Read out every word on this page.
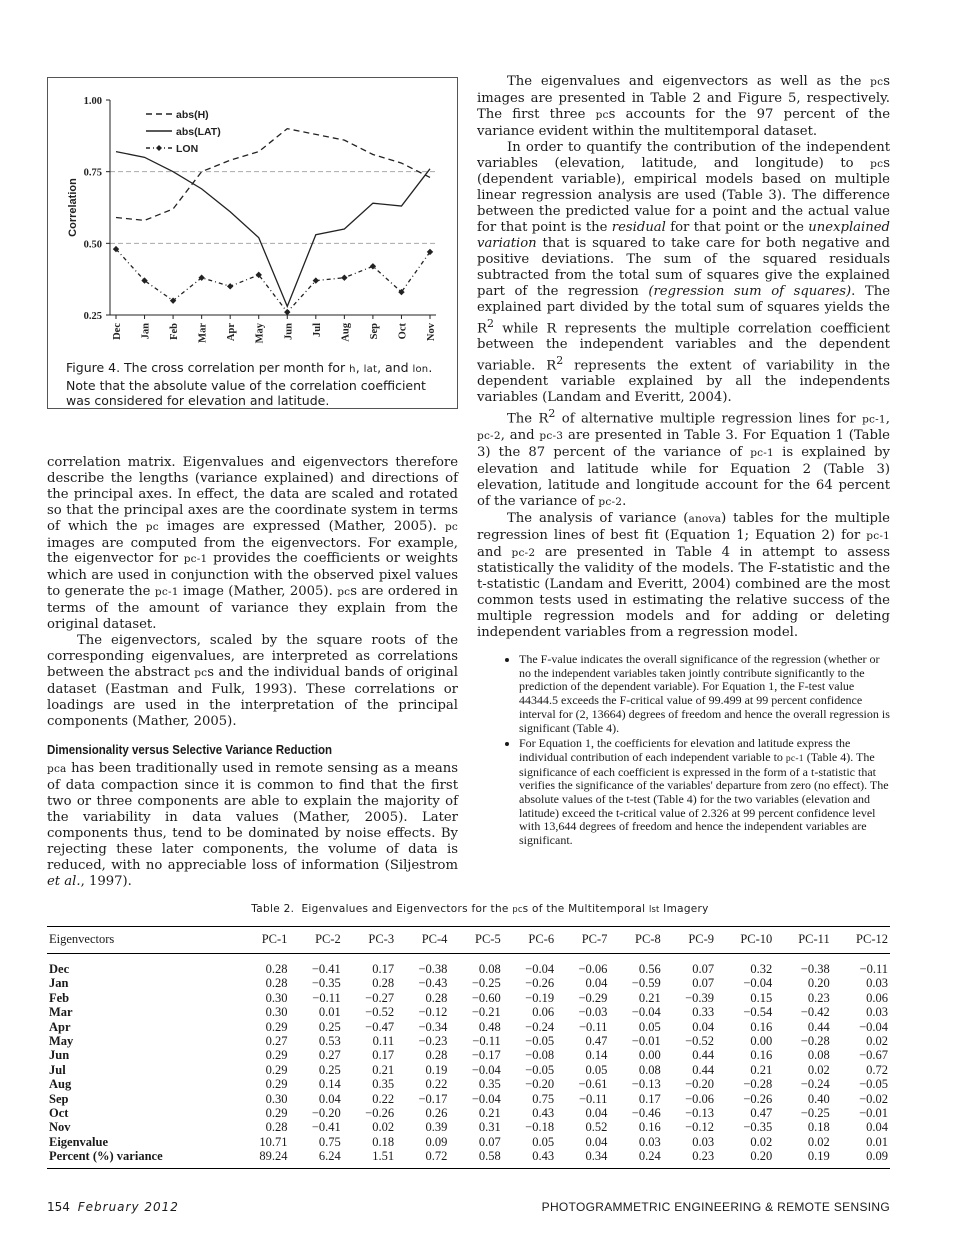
0.25
0.50
0.75
1.00
Correlation
Dec Jan Feb Mar Apr May Jun Jul Aug Sep Oct Nov
abs(H)
abs(LAT)
LON
Figure 4. The cross correlation per month for h, lat, and lon. Note that the absolute value of the correlation coefficient was considered for elevation and latitude.

correlation matrix. Eigenvalues and eigenvectors therefore describe the lengths (variance explained) and directions of the principal axes. In effect, the data are scaled and rotated so that the principal axes are the coordinate system in terms of which the pc images are expressed (Mather, 2005). pc images are computed from the eigenvectors. For example, the eigenvector for pc-1 provides the coefficients or weights which are used in conjunction with the observed pixel values to generate the pc-1 image (Mather, 2005). pcs are ordered in terms of the amount of variance they explain from the original dataset.

The eigenvectors, scaled by the square roots of the corresponding eigenvalues, are interpreted as correlations between the abstract pcs and the individual bands of original dataset (Eastman and Fulk, 1993). These correlations or loadings are used in the interpretation of the principal components (Mather, 2005).

Dimensionality versus Selective Variance Reduction

pca has been traditionally used in remote sensing as a means of data compaction since it is common to find that the first two or three components are able to explain the majority of the variability in data values (Mather, 2005). Later components thus, tend to be dominated by noise effects. By rejecting these later components, the volume of data is reduced, with no appreciable loss of information (Siljestrom et al., 1997).

The eigenvalues and eigenvectors as well as the pcs images are presented in Table 2 and Figure 5, respectively. The first three pcs accounts for the 97 percent of the variance evident within the multitemporal dataset.

In order to quantify the contribution of the independent variables (elevation, latitude, and longitude) to pcs (dependent variable), empirical models based on multiple linear regression analysis are used (Table 3). The difference between the predicted value for a point and the actual value for that point is the residual for that point or the unexplained variation that is squared to take care for both negative and positive deviations. The sum of the squared residuals subtracted from the total sum of squares give the explained part of the regression (regression sum of squares). The explained part divided by the total sum of squares yields the $R^2$ while R represents the multiple correlation coefficient between the independent variables and the dependent variable. $R^2$ represents the extent of variability in the dependent variable explained by all the independents variables (Landam and Everitt, 2004).

The $R^2$ of alternative multiple regression lines for pc-1, pc-2, and pc-3 are presented in Table 3. For Equation 1 (Table 3) the 87 percent of the variance of pc-1 is explained by elevation and latitude while for Equation 2 (Table 3) elevation, latitude and longitude account for the 64 percent of the variance of pc-2.

The analysis of variance (anova) tables for the multiple regression lines of best fit (Equation 1; Equation 2) for pc-1 and pc-2 are presented in Table 4 in attempt to assess statistically the validity of the models. The F-statistic and the t-statistic (Landam and Everitt, 2004) combined are the most common tests used in estimating the relative success of the multiple regression models and for adding or deleting independent variables from a regression model.

• The F-value indicates the overall significance of the regression (whether or no the independent variables taken jointly contribute significantly to the prediction of the dependent variable). For Equation 1, the F-test value 44344.5 exceeds the F-critical value of 99.499 at 99 percent confidence interval for (2, 13664) degrees of freedom and hence the overall regression is significant (Table 4).
• For Equation 1, the coefficients for elevation and latitude express the individual contribution of each independent variable to pc-1 (Table 4). The significance of each coefficient is expressed in the form of a t-statistic that verifies the significance of the variables' departure from zero (no effect). The absolute values of the t-test (Table 4) for the two variables (elevation and latitude) exceed the t-critical value of 2.326 at 99 percent confidence level with 13,644 degrees of freedom and hence the independent variables are significant.
Table 2. Eigenvalues and Eigenvectors for the pcs of the Multitemporal lst Imagery
Eigenvectors	PC-1	PC-2	PC-3	PC-4	PC-5	PC-6	PC-7	PC-8	PC-9	PC-10	PC-11	PC-12
Dec	0.28	−0.41	0.17	−0.38	0.08	−0.04	−0.06	0.56	0.07	0.32	−0.38	−0.11
Jan	0.28	−0.35	0.28	−0.43	−0.25	−0.26	0.04	−0.59	0.07	−0.04	0.20	0.03
Feb	0.30	−0.11	−0.27	0.28	−0.60	−0.19	−0.29	0.21	−0.39	0.15	0.23	0.06
Mar	0.30	0.01	−0.52	−0.12	−0.21	0.06	−0.03	−0.04	0.33	−0.54	−0.42	0.03
Apr	0.29	0.25	−0.47	−0.34	0.48	−0.24	−0.11	0.05	0.04	0.16	0.44	−0.04
May	0.27	0.53	0.11	−0.23	−0.11	−0.05	0.47	−0.01	−0.52	0.00	−0.28	0.02
Jun	0.29	0.27	0.17	0.28	−0.17	−0.08	0.14	0.00	0.44	0.16	0.08	−0.67
Jul	0.29	0.25	0.21	0.19	−0.04	−0.05	0.05	0.08	0.44	0.21	0.02	0.72
Aug	0.29	0.14	0.35	0.22	0.35	−0.20	−0.61	−0.13	−0.20	−0.28	−0.24	−0.05
Sep	0.30	0.04	0.22	−0.17	−0.04	0.75	−0.11	0.17	−0.06	−0.26	0.40	−0.02
Oct	0.29	−0.20	−0.26	0.26	0.21	0.43	0.04	−0.46	−0.13	0.47	−0.25	−0.01
Nov	0.28	−0.41	0.02	0.39	0.31	−0.18	0.52	0.16	−0.12	−0.35	0.18	0.04
Eigenvalue	10.71	0.75	0.18	0.09	0.07	0.05	0.04	0.03	0.03	0.02	0.02	0.01
Percent (%) variance	89.24	6.24	1.51	0.72	0.58	0.43	0.34	0.24	0.23	0.20	0.19	0.09
154 February 2012	PHOTOGRAMMETRIC ENGINEERING & REMOTE SENSING
